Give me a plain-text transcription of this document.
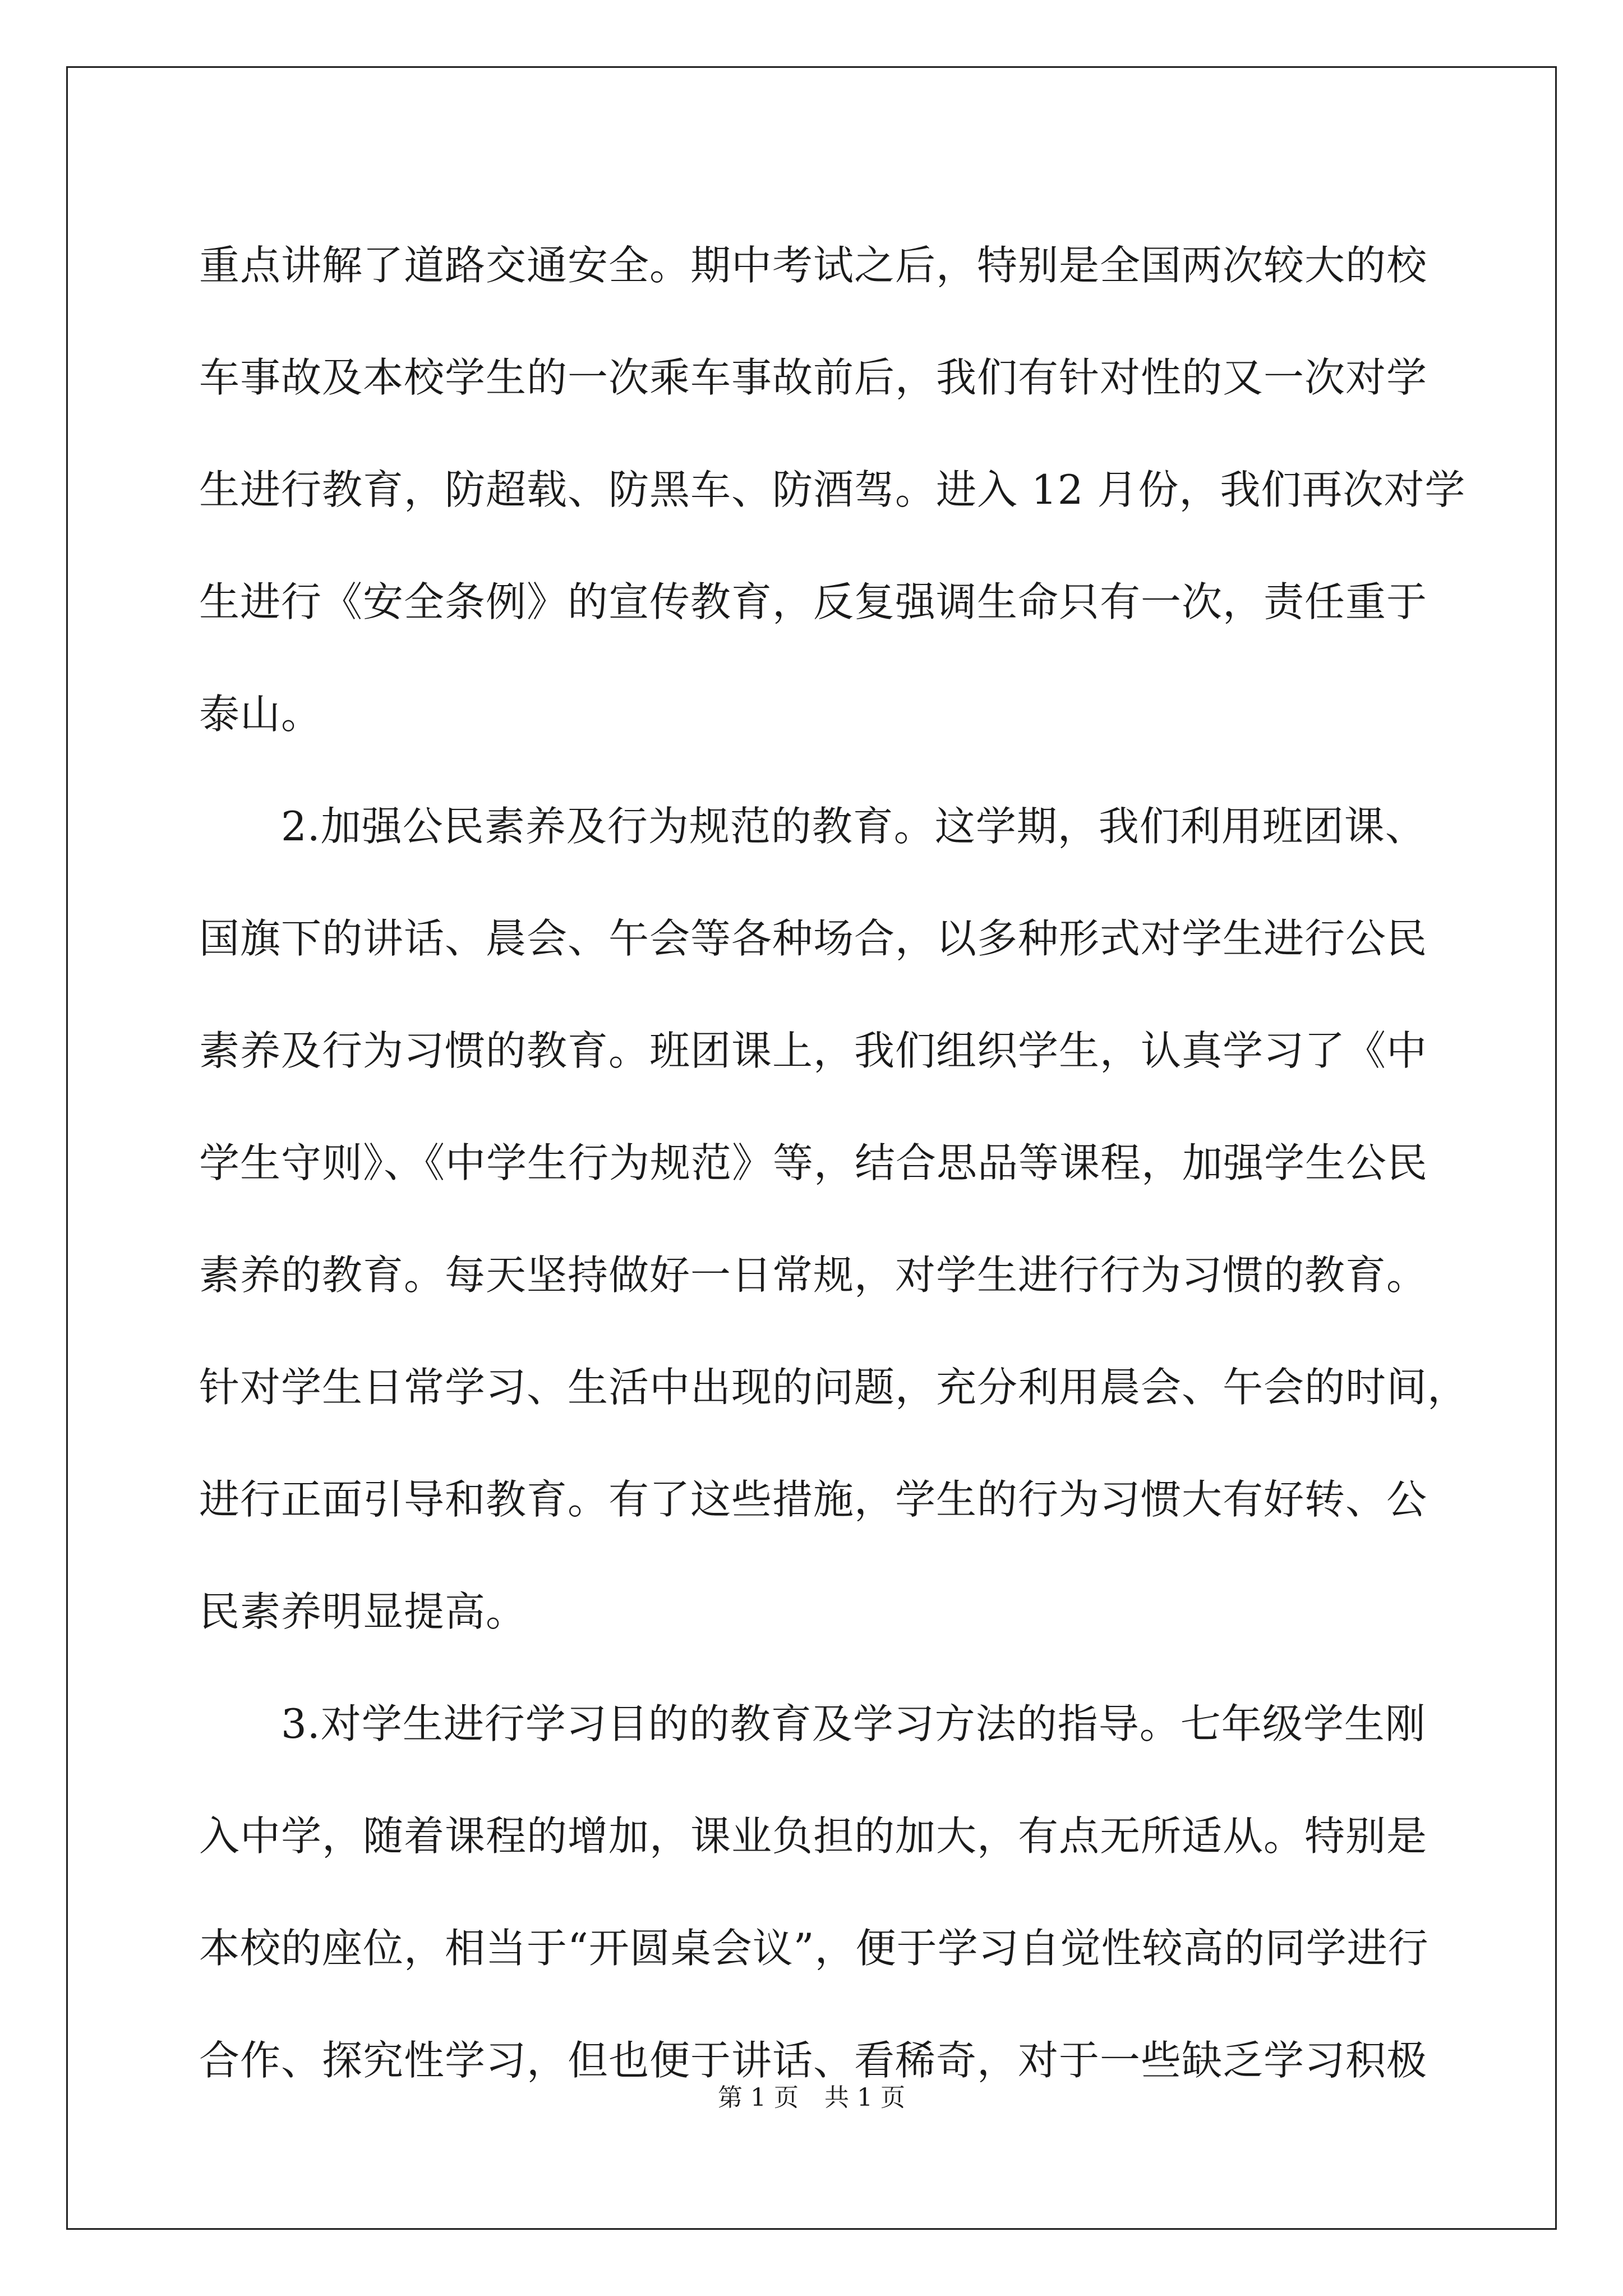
重点讲解了道路交通安全。期中考试之后，特别是全国两次较大的校
车事故及本校学生的一次乘车事故前后，我们有针对性的又一次对学
生进行教育，防超载、防黑车、防酒驾。进入 12 月份，我们再次对学
生进行《安全条例》的宣传教育，反复强调生命只有一次，责任重于
泰山。
　　2.加强公民素养及行为规范的教育。这学期，我们利用班团课、
国旗下的讲话、晨会、午会等各种场合，以多种形式对学生进行公民
素养及行为习惯的教育。班团课上，我们组织学生，认真学习了《中
学生守则》、《中学生行为规范》等，结合思品等课程，加强学生公民
素养的教育。每天坚持做好一日常规，对学生进行行为习惯的教育。
针对学生日常学习、生活中出现的问题，充分利用晨会、午会的时间，
进行正面引导和教育。有了这些措施，学生的行为习惯大有好转、公
民素养明显提高。
　　3.对学生进行学习目的的教育及学习方法的指导。七年级学生刚
入中学，随着课程的增加，课业负担的加大，有点无所适从。特别是
本校的座位，相当于“开圆桌会议”，便于学习自觉性较高的同学进行
合作、探究性学习，但也便于讲话、看稀奇，对于一些缺乏学习积极
第 1 页 共 1 页
